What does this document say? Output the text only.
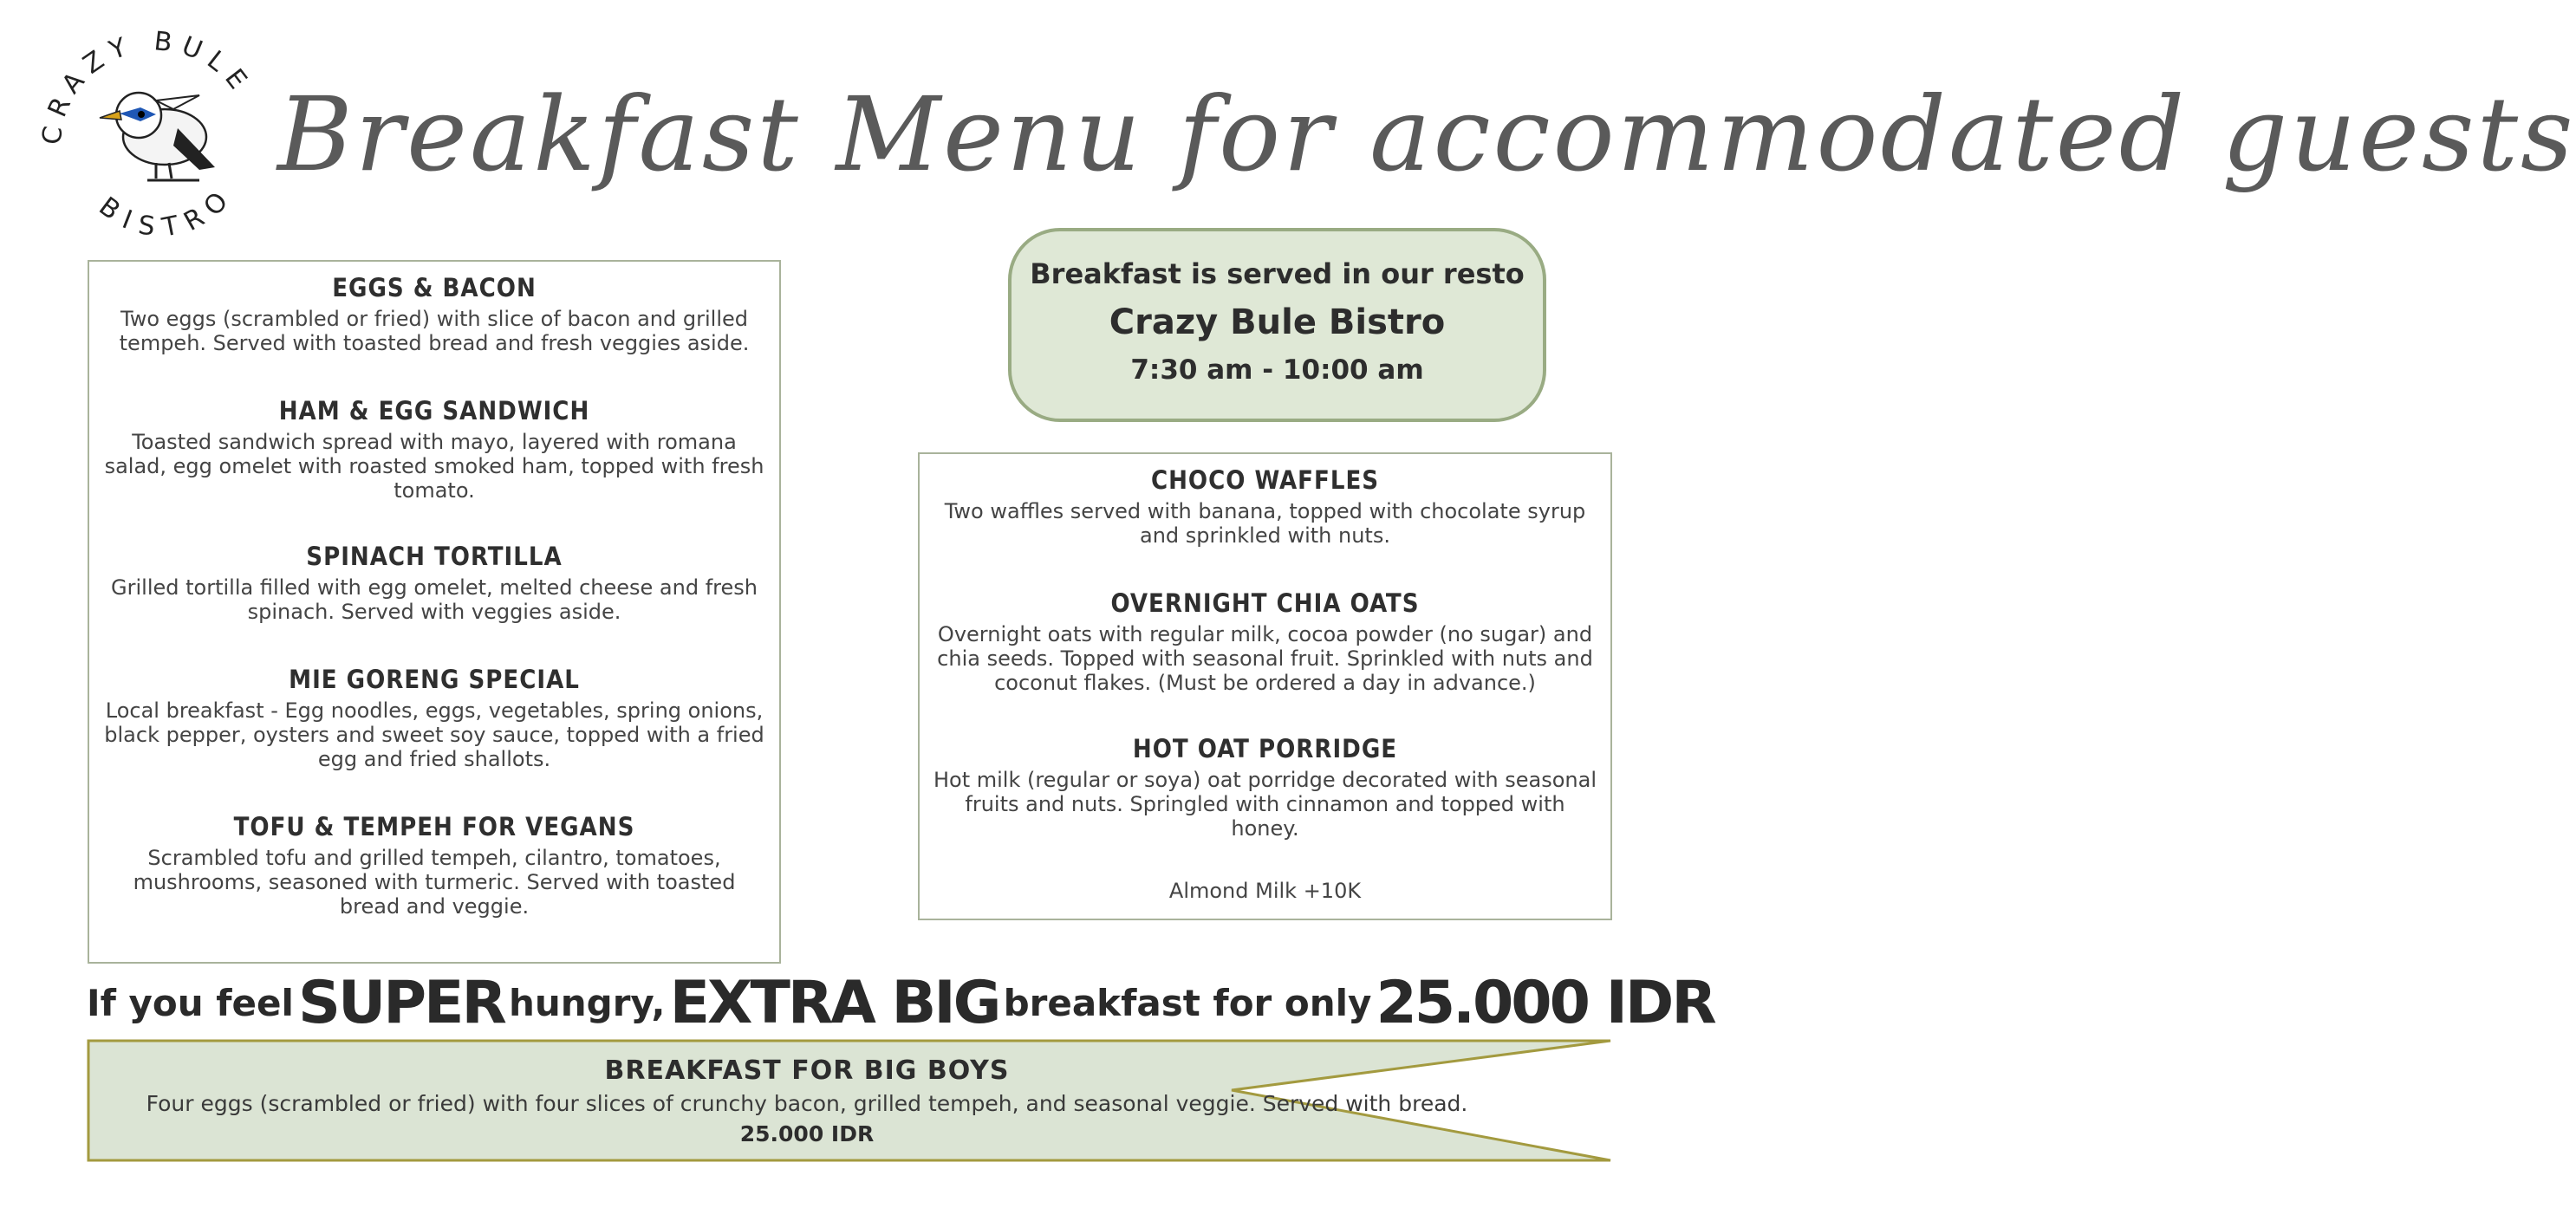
CRAZY BULE
BISTRO
Breakfast Menu for accommodated guests
EGGS & BACON
Two eggs (scrambled or fried) with slice of bacon and grilled tempeh. Served with toasted bread and fresh veggies aside.
HAM & EGG SANDWICH
Toasted sandwich spread with mayo, layered with romana salad, egg omelet with roasted smoked ham, topped with fresh tomato.
SPINACH TORTILLA
Grilled tortilla filled with egg omelet, melted cheese and fresh spinach. Served with veggies aside.
MIE GORENG SPECIAL
Local breakfast - Egg noodles, eggs, vegetables, spring onions, black pepper, oysters and sweet soy sauce, topped with a fried egg and fried shallots.
TOFU & TEMPEH FOR VEGANS
Scrambled tofu and grilled tempeh, cilantro, tomatoes, mushrooms, seasoned with turmeric. Served with toasted bread and veggie.
Breakfast is served in our resto
Crazy Bule Bistro
7:30 am - 10:00 am
CHOCO WAFFLES
Two waffles served with banana, topped with chocolate syrup and sprinkled with nuts.
OVERNIGHT CHIA OATS
Overnight oats with regular milk, cocoa powder (no sugar) and chia seeds. Topped with seasonal fruit. Sprinkled with nuts and coconut flakes. (Must be ordered a day in advance.)
HOT OAT PORRIDGE
Hot milk (regular or soya) oat porridge decorated with seasonal fruits and nuts. Springled with cinnamon and topped with honey.
Almond Milk +10K
If you feel SUPER hungry, EXTRA BIG breakfast for only 25.000 IDR
BREAKFAST FOR BIG BOYS
Four eggs (scrambled or fried) with four slices of crunchy bacon, grilled tempeh, and seasonal veggie. Served with bread.
25.000 IDR
